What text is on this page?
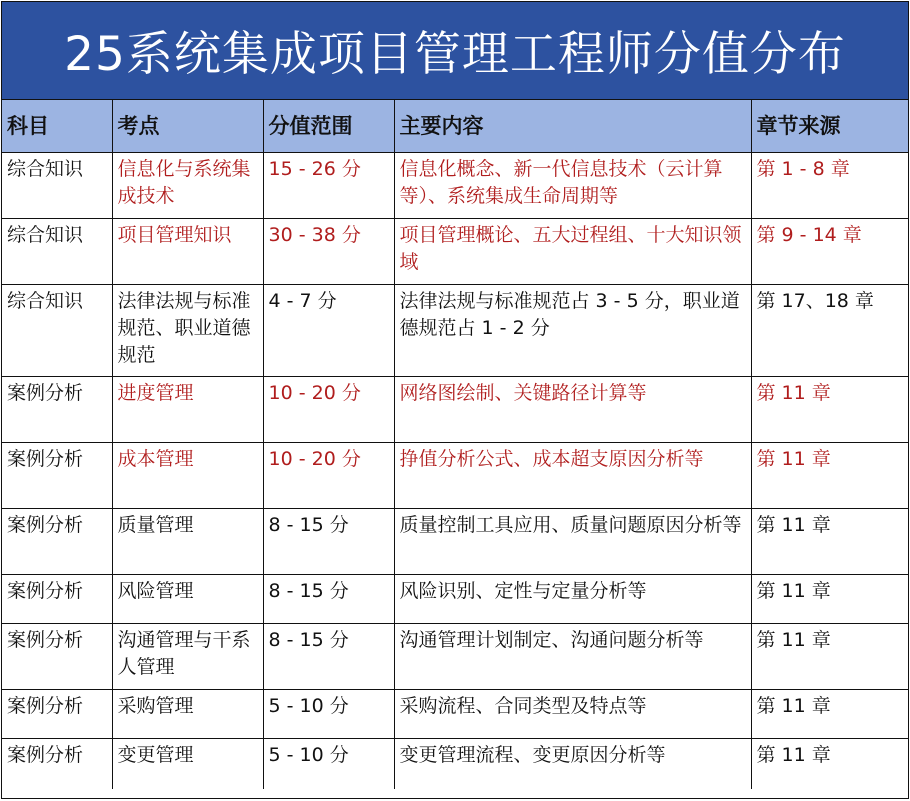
25系统集成项目管理工程师分值分布
科目	考点	分值范围	主要内容	章节来源
综合知识	信息化与系统集成技术	15 - 26 分	信息化概念、新一代信息技术（云计算等）、系统集成生命周期等	第 1 - 8 章
综合知识	项目管理知识	30 - 38 分	项目管理概论、五大过程组、十大知识领域	第 9 - 14 章
综合知识	法律法规与标准规范、职业道德规范	4 - 7 分	法律法规与标准规范占 3 - 5 分，职业道德规范占 1 - 2 分	第 17、18 章
案例分析	进度管理	10 - 20 分	网络图绘制、关键路径计算等	第 11 章
案例分析	成本管理	10 - 20 分	挣值分析公式、成本超支原因分析等	第 11 章
案例分析	质量管理	8 - 15 分	质量控制工具应用、质量问题原因分析等	第 11 章
案例分析	风险管理	8 - 15 分	风险识别、定性与定量分析等	第 11 章
案例分析	沟通管理与干系人管理	8 - 15 分	沟通管理计划制定、沟通问题分析等	第 11 章
案例分析	采购管理	5 - 10 分	采购流程、合同类型及特点等	第 11 章
案例分析	变更管理	5 - 10 分	变更管理流程、变更原因分析等	第 11 章
